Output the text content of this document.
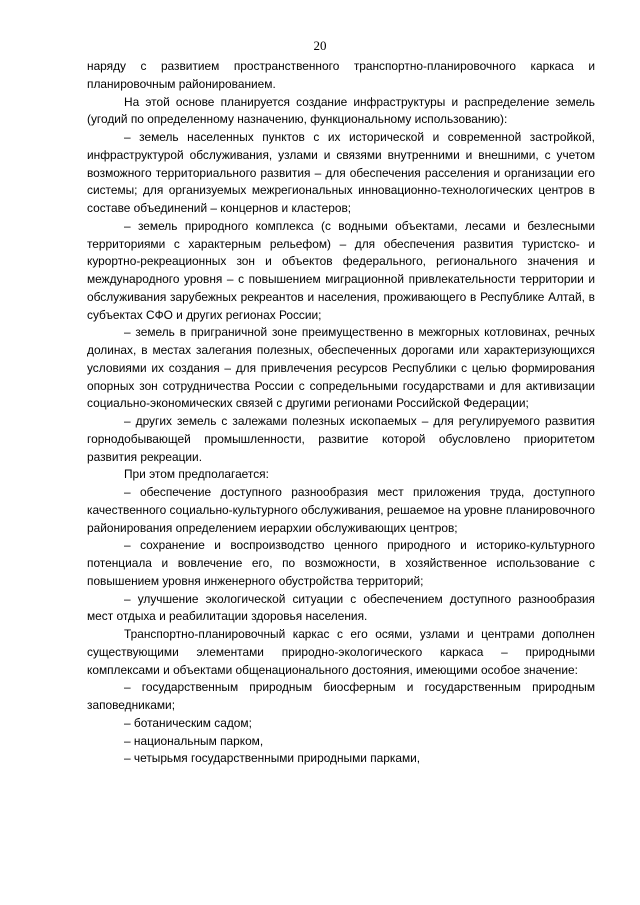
20

наряду с развитием пространственного транспортно-планировочного каркаса и планировочным районированием.

На этой основе планируется создание инфраструктуры и распределение земель (угодий по определенному назначению, функциональному использованию):

– земель населенных пунктов с их исторической и современной застройкой, инфраструктурой обслуживания, узлами и связями внутренними и внешними, с учетом возможного территориального развития – для обеспечения расселения и организации его системы; для организуемых межрегиональных инновационно-технологических центров в составе объединений – концернов и кластеров;

– земель природного комплекса (с водными объектами, лесами и безлесными территориями с характерным рельефом) – для обеспечения развития туристско- и курортно-рекреационных зон и объектов федерального, регионального значения и международного уровня – с повышением миграционной привлекательности территории и обслуживания зарубежных рекреантов и населения, проживающего в Республике Алтай, в субъектах СФО и других регионах России;

– земель в приграничной зоне преимущественно в межгорных котловинах, речных долинах, в местах залегания полезных, обеспеченных дорогами или характеризующихся условиями их создания – для привлечения ресурсов Республики с целью формирования опорных зон сотрудничества России с сопредельными государствами и для активизации социально-экономических связей с другими регионами Российской Федерации;

– других земель с залежами полезных ископаемых – для регулируемого развития горнодобывающей промышленности, развитие которой обусловлено приоритетом развития рекреации.

При этом предполагается:

– обеспечение доступного разнообразия мест приложения труда, доступного качественного социально-культурного обслуживания, решаемое на уровне планировочного районирования определением иерархии обслуживающих центров;

– сохранение и воспроизводство ценного природного и историко-культурного потенциала и вовлечение его, по возможности, в хозяйственное использование с повышением уровня инженерного обустройства территорий;

– улучшение экологической ситуации с обеспечением доступного разнообразия мест отдыха и реабилитации здоровья населения.

Транспортно-планировочный каркас с его осями, узлами и центрами дополнен существующими элементами природно-экологического каркаса – природными комплексами и объектами общенационального достояния, имеющими особое значение:

– государственным природным биосферным и государственным природным заповедниками;

– ботаническим садом;

– национальным парком,

– четырьмя государственными природными парками,
